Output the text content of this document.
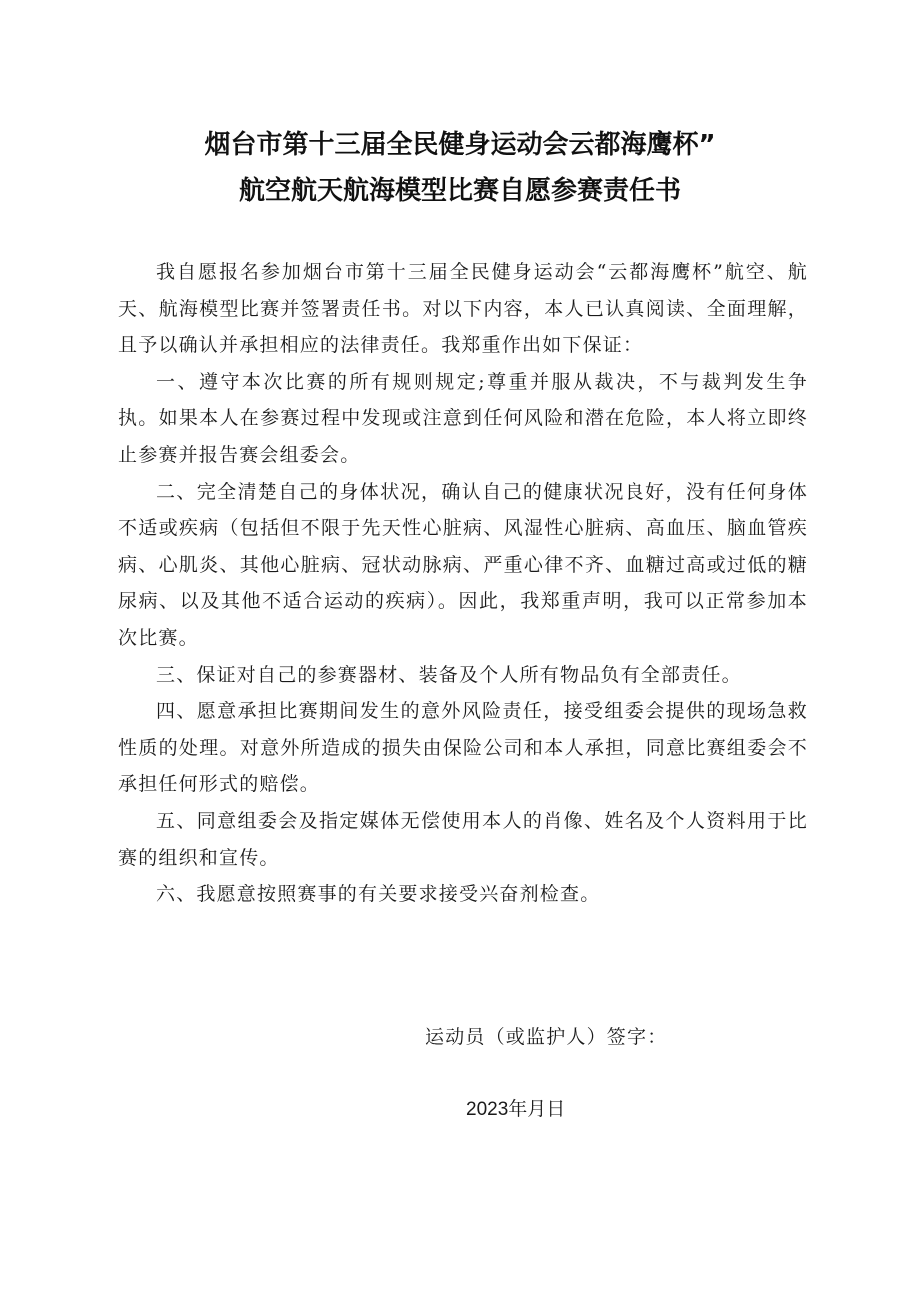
烟台市第十三届全民健身运动会云都海鹰杯”
航空航天航海模型比赛自愿参赛责任书

我自愿报名参加烟台市第十三届全民健身运动会“云都海鹰杯”航空、航天、航海模型比赛并签署责任书。对以下内容，本人已认真阅读、全面理解，且予以确认并承担相应的法律责任。我郑重作出如下保证：

一、遵守本次比赛的所有规则规定;尊重并服从裁决，不与裁判发生争执。如果本人在参赛过程中发现或注意到任何风险和潜在危险，本人将立即终止参赛并报告赛会组委会。

二、完全清楚自己的身体状况，确认自己的健康状况良好，没有任何身体不适或疾病（包括但不限于先天性心脏病、风湿性心脏病、高血压、脑血管疾病、心肌炎、其他心脏病、冠状动脉病、严重心律不齐、血糖过高或过低的糖尿病、以及其他不适合运动的疾病）。因此，我郑重声明，我可以正常参加本次比赛。

三、保证对自己的参赛器材、装备及个人所有物品负有全部责任。

四、愿意承担比赛期间发生的意外风险责任，接受组委会提供的现场急救性质的处理。对意外所造成的损失由保险公司和本人承担，同意比赛组委会不承担任何形式的赔偿。

五、同意组委会及指定媒体无偿使用本人的肖像、姓名及个人资料用于比赛的组织和宣传。

六、我愿意按照赛事的有关要求接受兴奋剂检查。

运动员（或监护人）签字：
2023年月日
